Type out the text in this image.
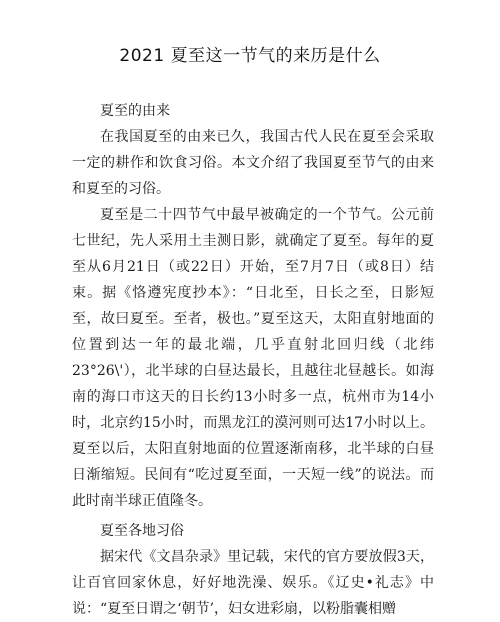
2021 夏至这一节气的来历是什么

夏至的由来

在我国夏至的由来已久，我国古代人民在夏至会采取一定的耕作和饮食习俗。本文介绍了我国夏至节气的由来和夏至的习俗。

夏至是二十四节气中最早被确定的一个节气。公元前七世纪，先人采用土圭测日影，就确定了夏至。每年的夏至从6月21日（或22日）开始，至7月7日（或8日）结束。据《恪遵宪度抄本》：“日北至，日长之至，日影短至，故曰夏至。至者，极也。”夏至这天，太阳直射地面的位置到达一年的最北端，几乎直射北回归线（北纬23°26\'），北半球的白昼达最长，且越往北昼越长。如海南的海口市这天的日长约13小时多一点，杭州市为14小时，北京约15小时，而黑龙江的漠河则可达17小时以上。夏至以后，太阳直射地面的位置逐渐南移，北半球的白昼日渐缩短。民间有“吃过夏至面，一天短一线”的说法。而此时南半球正值隆冬。

夏至各地习俗

据宋代《文昌杂录》里记载，宋代的官方要放假3天，让百官回家休息，好好地洗澡、娱乐。《辽史•礼志》中说：“夏至日谓之‘朝节’，妇女进彩扇，以粉脂囊相赠
